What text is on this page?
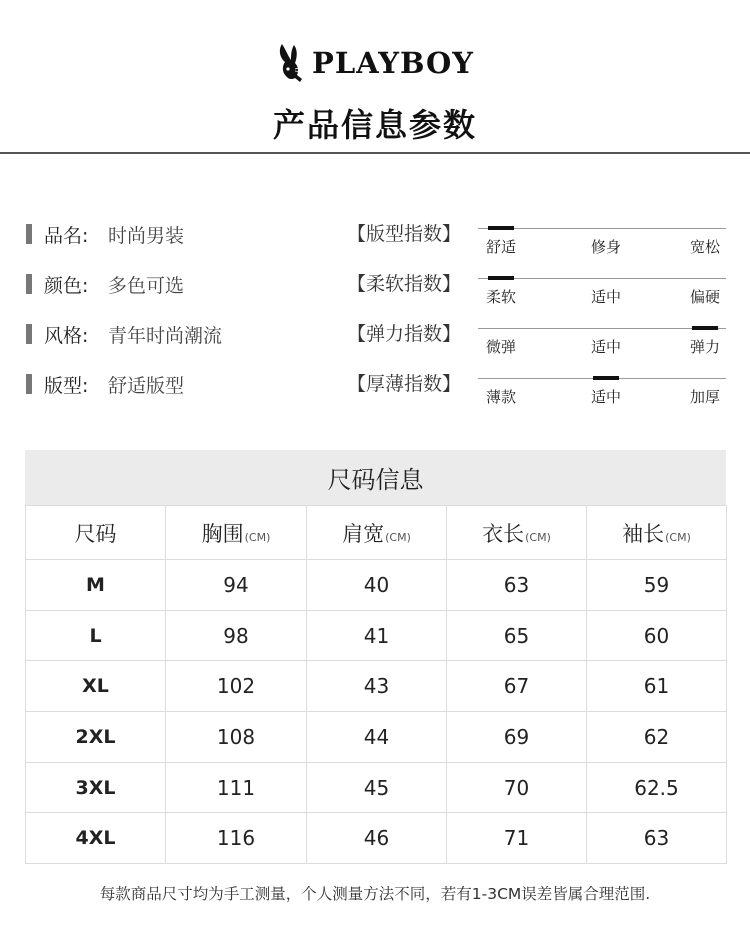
PLAYBOY
产品信息参数
品名: 时尚男装	【版型指数】
舒适	修身	宽松
颜色: 多色可选	【柔软指数】
柔软	适中	偏硬
风格: 青年时尚潮流	【弹力指数】
微弹	适中	弹力
版型: 舒适版型	【厚薄指数】
薄款	适中	加厚
尺码信息
尺码	胸围(CM)	肩宽(CM)	衣长(CM)	袖长(CM)
M	94	40	63	59
L	98	41	65	60
XL	102	43	67	61
2XL	108	44	69	62
3XL	111	45	70	62.5
4XL	116	46	71	63
每款商品尺寸均为手工测量，个人测量方法不同，若有1-3CM误差皆属合理范围.
